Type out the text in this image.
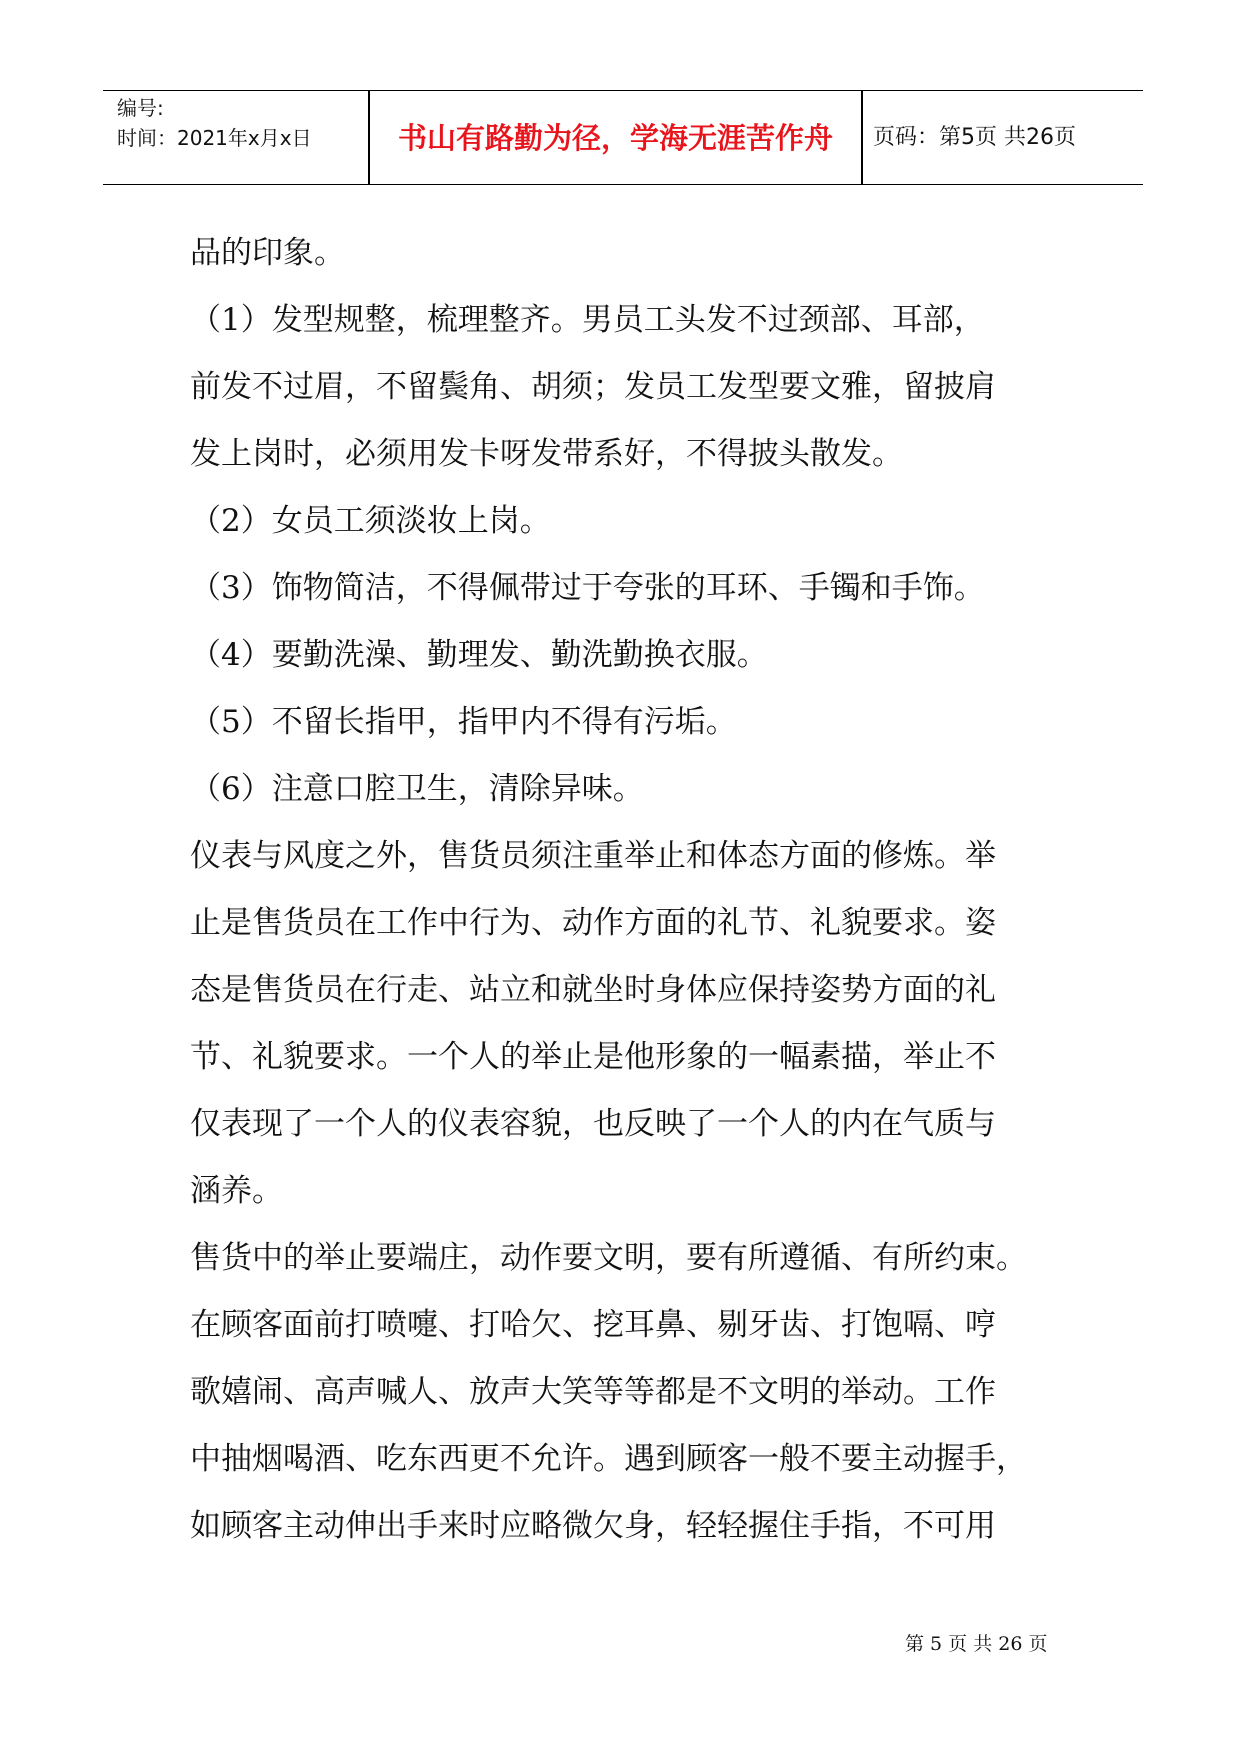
编号:
时间：2021年x月x日	书山有路勤为径，学海无涯苦作舟	页码：第5页 共26页
品的印象。
（1）发型规整，梳理整齐。男员工头发不过颈部、耳部，
前发不过眉，不留鬓角、胡须；发员工发型要文雅，留披肩
发上岗时，必须用发卡呀发带系好，不得披头散发。
（2）女员工须淡妆上岗。
（3）饰物简洁，不得佩带过于夸张的耳环、手镯和手饰。
（4）要勤洗澡、勤理发、勤洗勤换衣服。
（5）不留长指甲，指甲内不得有污垢。
（6）注意口腔卫生，清除异味。
仪表与风度之外，售货员须注重举止和体态方面的修炼。举
止是售货员在工作中行为、动作方面的礼节、礼貌要求。姿
态是售货员在行走、站立和就坐时身体应保持姿势方面的礼
节、礼貌要求。一个人的举止是他形象的一幅素描，举止不
仅表现了一个人的仪表容貌，也反映了一个人的内在气质与
涵养。
售货中的举止要端庄，动作要文明，要有所遵循、有所约束。
在顾客面前打喷嚏、打哈欠、挖耳鼻、剔牙齿、打饱嗝、哼
歌嬉闹、高声喊人、放声大笑等等都是不文明的举动。工作
中抽烟喝酒、吃东西更不允许。遇到顾客一般不要主动握手，
如顾客主动伸出手来时应略微欠身，轻轻握住手指，不可用
第 5 页 共 26 页
